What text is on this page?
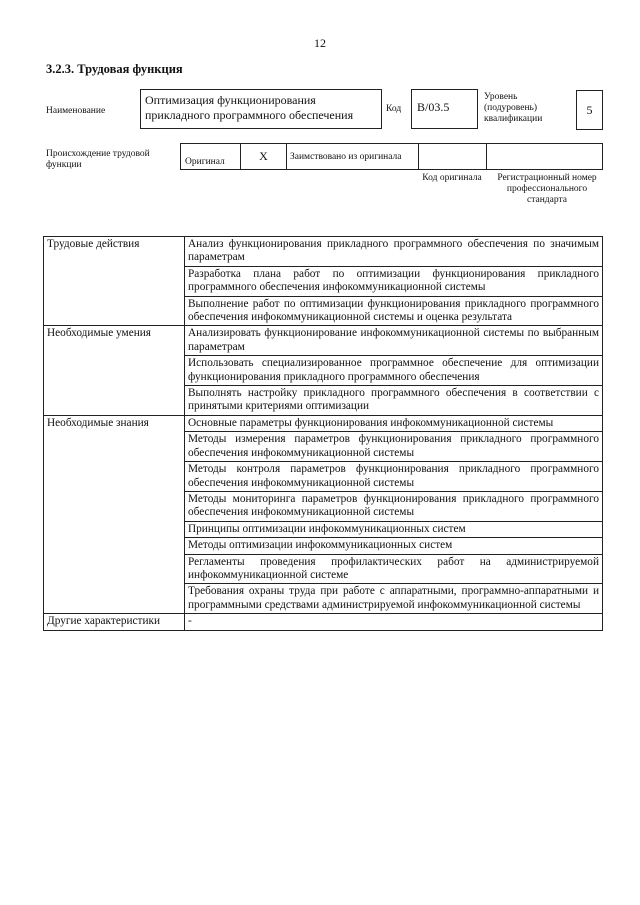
12
3.2.3. Трудовая функция
Наименование
Оптимизация функционирования прикладного программного обеспечения	Код	B/03.5
Уровень (подуровень) квалификации
5
Происхождение трудовой функции	Оригинал	X	Заимствовано из оригинала
Код оригинала	Регистрационный номер профессионального стандарта
Трудовые действия	Анализ функционирования прикладного программного обеспечения по значимым параметрам
	Разработка плана работ по оптимизации функционирования прикладного программного обеспечения инфокоммуникационной системы
	Выполнение работ по оптимизации функционирования прикладного программного обеспечения инфокоммуникационной системы и оценка результата
Необходимые умения	Анализировать функционирование инфокоммуникационной системы по выбранным параметрам
	Использовать специализированное программное обеспечение для оптимизации функционирования прикладного программного обеспечения
	Выполнять настройку прикладного программного обеспечения в соответствии с принятыми критериями оптимизации
Необходимые знания	Основные параметры функционирования инфокоммуникационной системы
	Методы измерения параметров функционирования прикладного программного обеспечения инфокоммуникационной системы
	Методы контроля параметров функционирования прикладного программного обеспечения инфокоммуникационной системы
	Методы мониторинга параметров функционирования прикладного программного обеспечения инфокоммуникационной системы
	Принципы оптимизации инфокоммуникационных систем
	Методы оптимизации инфокоммуникационных систем
	Регламенты проведения профилактических работ на администрируемой инфокоммуникационной системе
	Требования охраны труда при работе с аппаратными, программно-аппаратными и программными средствами администрируемой инфокоммуникационной системы
Другие характеристики	-
